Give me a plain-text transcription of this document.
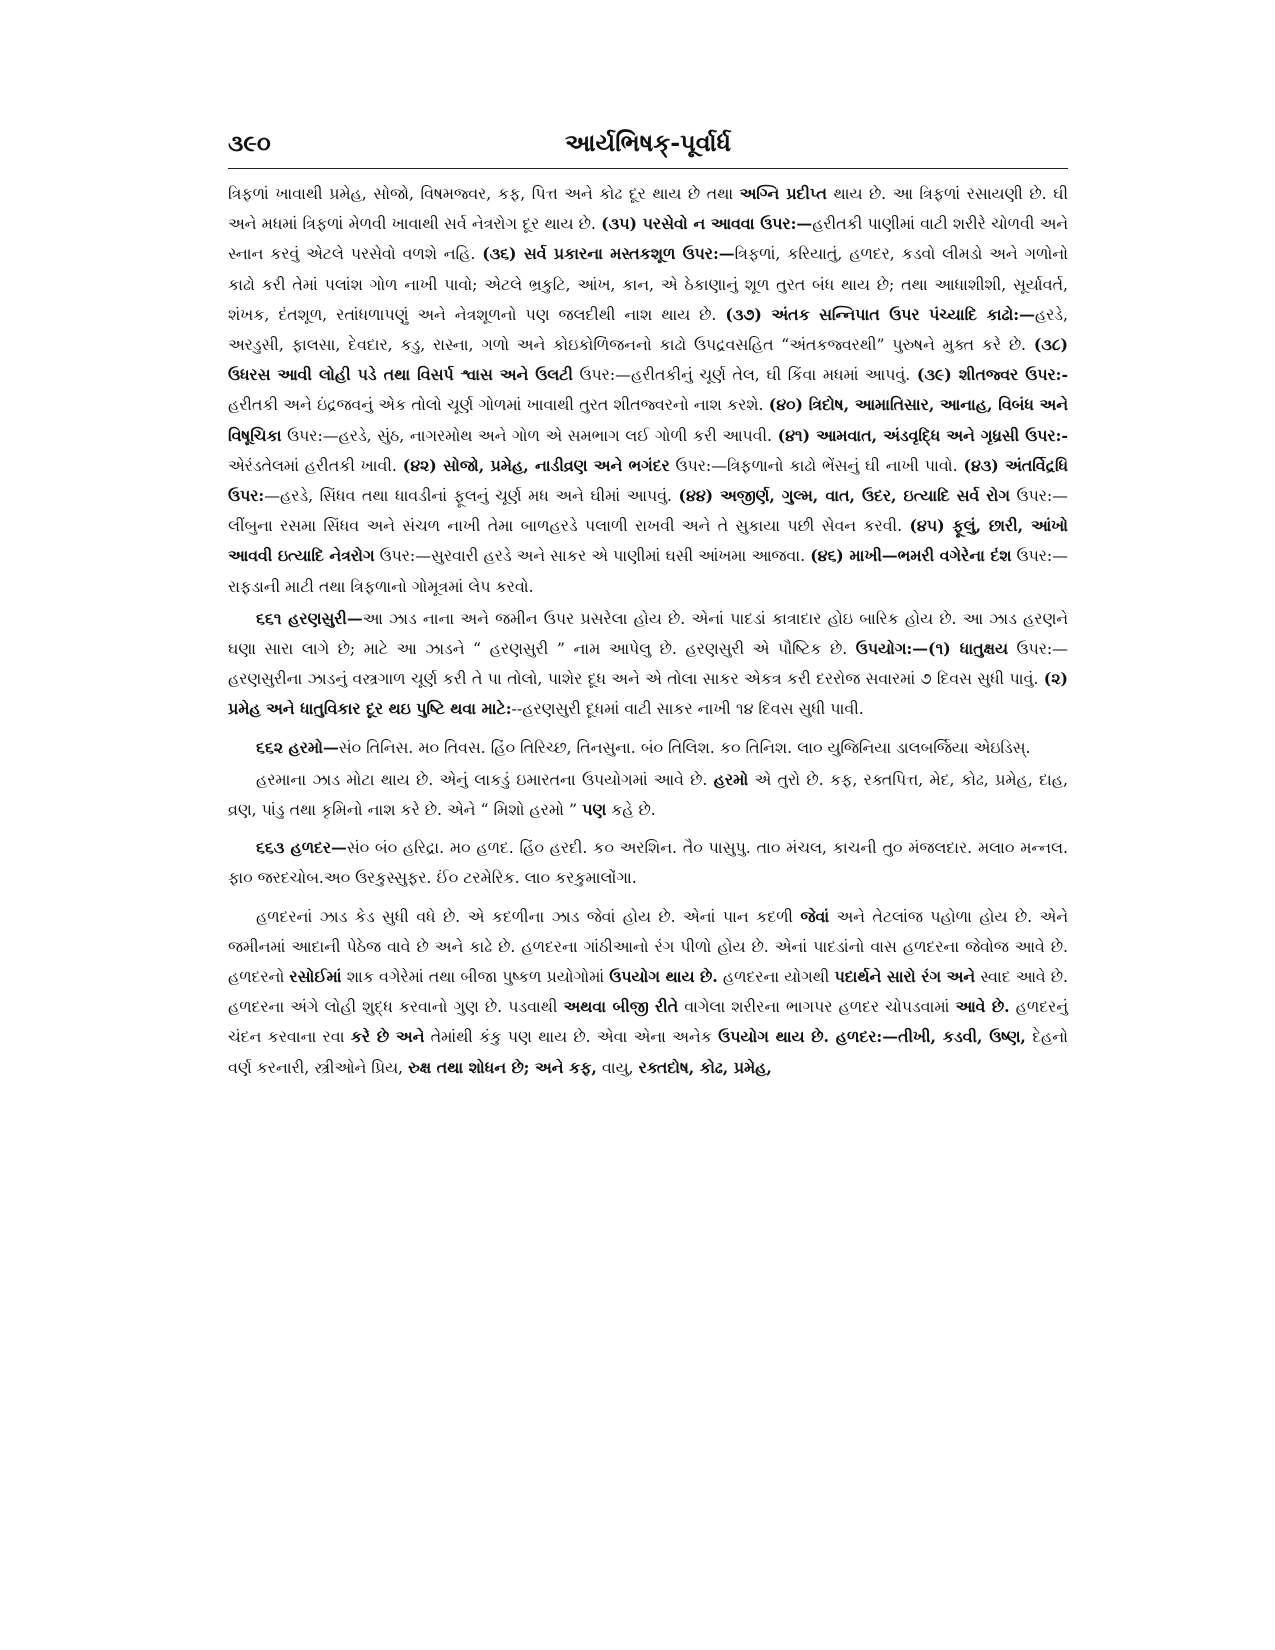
૩૯૦	આર્યભિષક્-પૂર્વાર્ધ

ત્રિફળાં ખાવાથી પ્રમેહ, સોજો, વિષમજ્વર, કફ, પિત્ત અને કોઢ દૂર થાય છે તથા અગ્નિ પ્રદીપ્ત થાય છે. આ ત્રિફળાં રસાયણી છે. ઘી અને મધમાં ત્રિફળાં મેળવી ખાવાથી સર્વ નેત્રરોગ દૂર થાય છે. (૩૫) પરસેવો ન આવવા ઉપર:—હરીતકી પાણીમાં વાટી શરીરે ચોળવી અને સ્નાન કરવું એટલે પરસેવો વળશે નહિ. (૩૬) સર્વ પ્રકારના મસ્તકશૂળ ઉપર:—ત્રિફળાં, કરિયાતું, હળદર, કડવો લીમડો અને ગળોનો કાઢો કરી તેમાં પલાંશ ગોળ નાખી પાવો; એટલે ભ્રકુટિ, આંખ, કાન, એ ઠેકાણાનું શૂળ તુરત બંધ થાય છે; તથા આધાશીશી, સૂર્યાવર્ત, શંખક, દંતશૂળ, રતાંધળાપણું અને નેત્રશૂળનો પણ જલદીથી નાશ થાય છે. (૩૭) અંતક સન્નિપાત ઉપર પંચ્યાદિ કાઢો:—હરડે, અરડુસી, ફાલસા, દેવદાર, કડુ, રાસ્ના, ગળો અને કોઇકોળિંજનનો કાઢો ઉપદ્રવસહિત “અંતકજ્વરથી” પુરુષને મુક્ત કરે છે. (૩૮) ઉધરસ આવી લોહી પડે તથા વિસર્પ શ્વાસ અને ઉલટી ઉપર:—હરીતકીનું ચૂર્ણ તેલ, ઘી કિંવા મધમાં આપવું. (૩૯) શીતજ્વર ઉપર:- હરીતકી અને ઇંદ્રજવનું એક તોલો ચૂર્ણ ગોળમાં ખાવાથી તુરત શીતજ્વરનો નાશ કરશે. (૪૦) ત્રિદોષ, આમાતિસાર, આનાહ, વિબંધ અને વિષૂચિકા ઉપર:—હરડે, સુંઠ, નાગરમોથ અને ગોળ એ સમભાગ લઈ ગોળી કરી આપવી. (૪૧) આમવાત, અંડવૃદ્ધિ અને ગૃધ્રસી ઉપર:- એરંડતેલમાં હરીતકી ખાવી. (૪૨) સોજો, પ્રમેહ, નાડીવ્રણ અને ભગંદર ઉપર:—ત્રિફળાનો કાઢો ભેંસનું ઘી નાખી પાવો. (૪૩) અંતર્વિદ્રધિ ઉપર:—હરડે, સિંધવ તથા ધાવડીનાં ફૂલનું ચૂર્ણ મધ અને ઘીમાં આપવું. (૪૪) અજીર્ણ, ગુલ્મ, વાત, ઉદર, ઇત્યાદિ સર્વ રોગ ઉપર:—લીંબુના રસમા સિંધવ અને સંચળ નાખી તેમા બાળહરડે પલાળી રાખવી અને તે સુકાયા પછી સેવન કરવી. (૪૫) ફૂલું, છારી, આંખો આવવી ઇત્યાદિ નેત્રરોગ ઉપર:—સુરવારી હરડે અને સાકર એ પાણીમાં ઘસી આંખમા આજવા. (૪૬) માખી—ભમરી વગેરેના દંશ ઉપર:—રાફડાની માટી તથા ત્રિફળાનો ગોમૂત્રમાં લેપ કરવો.

૬૬૧ હરણસુરી—આ ઝાડ નાના અને જમીન ઉપર પ્રસરેલા હોય છે. એનાં પાદડાં કાત્રાદાર હોઇ બારિક હોય છે. આ ઝાડ હરણને ઘણા સારા લાગે છે; માટે આ ઝાડને “ હરણસુરી ” નામ આપેલુ છે. હરણસુરી એ પૌષ્ટિક છે. ઉપયોગ:—(૧) ધાતુક્ષય ઉપર:—હરણસુરીના ઝાડનું વસ્ત્રગાળ ચૂર્ણ કરી તે પા તોલો, પાશેર દૂધ અને એ તોલા સાકર એકત્ર કરી દરરોજ સવારમાં ૭ દિવસ સુધી પાવું. (૨) પ્રમેહ અને ધાતુવિકાર દૂર થઇ પુષ્ટિ થવા માટે:--હરણસુરી દૂધમાં વાટી સાકર નાખી ૧૪ દિવસ સુધી પાવી.

૬૬૨ હરમો—સં૦ તિનિસ. મ૦ તિવસ. હિં૦ તિરિચ્છ, તિનસુના. બં૦ તિલિશ. ક૦ તિનિશ. લા૦ યુજિનિયા ડાલબર્જિયા એઇડિસ્.

હરમાના ઝાડ મોટા થાય છે. એનું લાકડું ઇમારતના ઉપયોગમાં આવે છે. હરમો એ તુરો છે. કફ, રક્તપિત્ત, મેદ, કોઢ, પ્રમેહ, દાહ, વ્રણ, પાંડુ તથા કૃમિનો નાશ કરે છે. એને “ મિશો હરમો ” પણ કહે છે.

૬૬૩ હળદર—સં૦ બં૦ હરિદ્રા. મ૦ હળદ. હિં૦ હરદી. ક૦ અરશિન. તૈ૦ પાસુપુ. તા૦ મંચલ, કાચની તુ૦ મંજલદાર. મલા૦ મન્નલ. ફા૦ જરદચોબ.અ૦ ઉરકુસ્સુફર. ઈં૦ ટરમેરિક. લા૦ કરકુમાલોંગા.

હળદરનાં ઝાડ કેડ સુધી વધે છે. એ કદળીના ઝાડ જેવાં હોય છે. એનાં પાન કદળી જેવાં અને તેટલાંજ પહોળા હોય છે. એને જમીનમાં આદાની પેઠેજ વાવે છે અને કાઢે છે. હળદરના ગાંઠીઆનો રંગ પીળો હોય છે. એનાં પાદડાંનો વાસ હળદરના જેવોજ આવે છે. હળદરનો રસોઈમાં શાક વગેરેમાં તથા બીજા પુષ્કળ પ્રયોગોમાં ઉપયોગ થાય છે. હળદરના યોગથી પદાર્થને સારો રંગ અને સ્વાદ આવે છે. હળદરના અંગે લોહી શુદ્ધ કરવાનો ગુણ છે. પડવાથી અથવા બીજી રીતે વાગેલા શરીરના ભાગપર હળદર ચોપડવામાં આવે છે. હળદરનું ચંદન કરવાના રવા કરે છે અને તેમાંથી કંકુ પણ થાય છે. એવા એના અનેક ઉપયોગ થાય છે. હળદર:—તીખી, કડવી, ઉષ્ણ, દેહનો વર્ણ કરનારી, સ્ત્રીઓને પ્રિય, રુક્ષ તથા શોધન છે; અને કફ, વાયુ, રક્તદોષ, કોઢ, પ્રમેહ,
